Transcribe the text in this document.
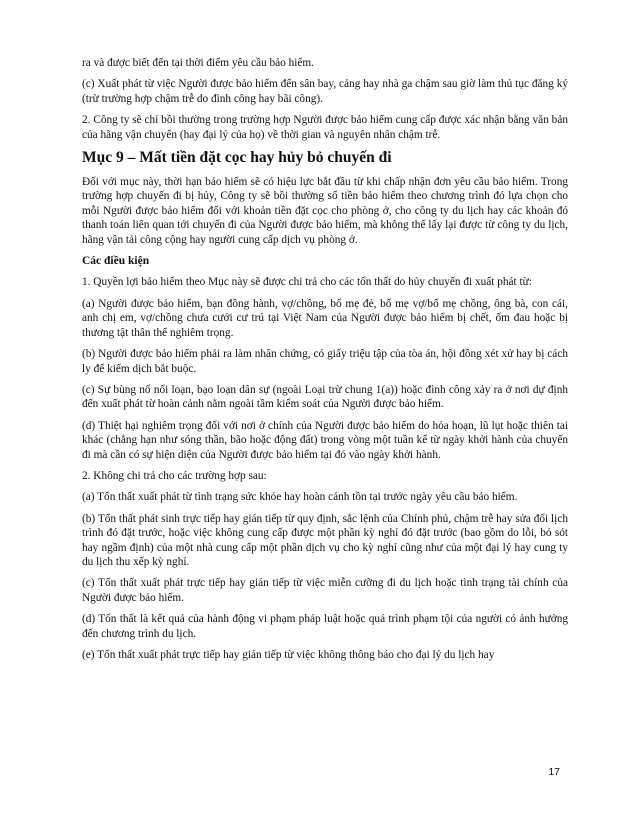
ra và được biết đến tại thời điểm yêu cầu bảo hiểm.

(c) Xuất phát từ việc Người được bảo hiểm đến sân bay, cảng hay nhà ga chậm sau giờ làm thủ tục đăng ký (trừ trường hợp chậm trễ do đình công hay bãi công).

2. Công ty sẽ chỉ bồi thường trong trường hợp Người được bảo hiểm cung cấp được xác nhận bằng văn bản của hãng vận chuyển (hay đại lý của họ) về thời gian và nguyên nhân chậm trễ.

Mục 9 – Mất tiền đặt cọc hay hủy bỏ chuyến đi

Đối với mục này, thời hạn bảo hiểm sẽ có hiệu lực bắt đầu từ khi chấp nhận đơn yêu cầu bảo hiểm. Trong trường hợp chuyến đi bị hủy, Công ty sẽ bồi thường số tiền bảo hiểm theo chương trình đó lựa chọn cho mỗi Người được bảo hiểm đối với khoản tiền đặt cọc cho phòng ở, cho công ty du lịch hay các khoản đó thanh toán liên quan tới chuyến đi của Người được bảo hiểm, mà không thể lấy lại được từ công ty du lịch, hãng vận tải công cộng hay người cung cấp dịch vụ phòng ở.

Các điều kiện

1. Quyền lợi bảo hiểm theo Mục này sẽ được chi trả cho các tổn thất do hủy chuyến đi xuất phát từ:

(a) Người được bảo hiểm, bạn đồng hành, vợ/chồng, bố mẹ đẻ, bố mẹ vợ/bố mẹ chồng, ông bà, con cái, anh chị em, vợ/chồng chưa cưới cư trú tại Việt Nam của Người được bảo hiểm bị chết, ốm đau hoặc bị thương tật thân thể nghiêm trọng.

(b) Người được bảo hiểm phải ra làm nhân chứng, có giấy triệu tập của tòa án, hội đồng xét xử hay bị cách ly để kiểm dịch bắt buộc.

(c) Sự bùng nổ nổi loạn, bạo loạn dân sự (ngoài Loại trừ chung 1(a)) hoặc đình công xảy ra ở nơi dự định đến xuất phát từ hoàn cảnh nằm ngoài tầm kiểm soát của Người được bảo hiểm.

(d) Thiệt hại nghiêm trọng đối với nơi ở chính của Người được bảo hiểm do hỏa hoạn, lũ lụt hoặc thiên tai khác (chẳng hạn như sóng thần, bão hoặc động đất) trong vòng một tuần kể từ ngày khởi hành của chuyến đi mà cần có sự hiện diện của Người được bảo hiểm tại đó vào ngày khởi hành.

2. Không chi trả cho các trường hợp sau:

(a) Tổn thất xuất phát từ tình trạng sức khỏe hay hoàn cảnh tồn tại trước ngày yêu cầu bảo hiểm.

(b) Tổn thất phát sinh trực tiếp hay gián tiếp từ quy định, sắc lệnh của Chính phủ, chậm trễ hay sửa đổi lịch trình đó đặt trước, hoặc việc không cung cấp được một phần kỳ nghỉ đó đặt trước (bao gồm do lỗi, bỏ sót hay ngầm định) của một nhà cung cấp một phần dịch vụ cho kỳ nghỉ cũng như của một đại lý hay cung ty du lịch thu xếp kỳ nghỉ.

(c) Tổn thất xuất phát trực tiếp hay gián tiếp từ việc miễn cưỡng đi du lịch hoặc tình trạng tài chính của Người được bảo hiểm.

(d) Tổn thất là kết quả của hành động vi phạm pháp luật hoặc quá trình phạm tội của người có ảnh hưởng đến chương trình du lịch.

(e) Tổn thất xuất phát trực tiếp hay gián tiếp từ việc không thông báo cho đại lý du lịch hay

17
